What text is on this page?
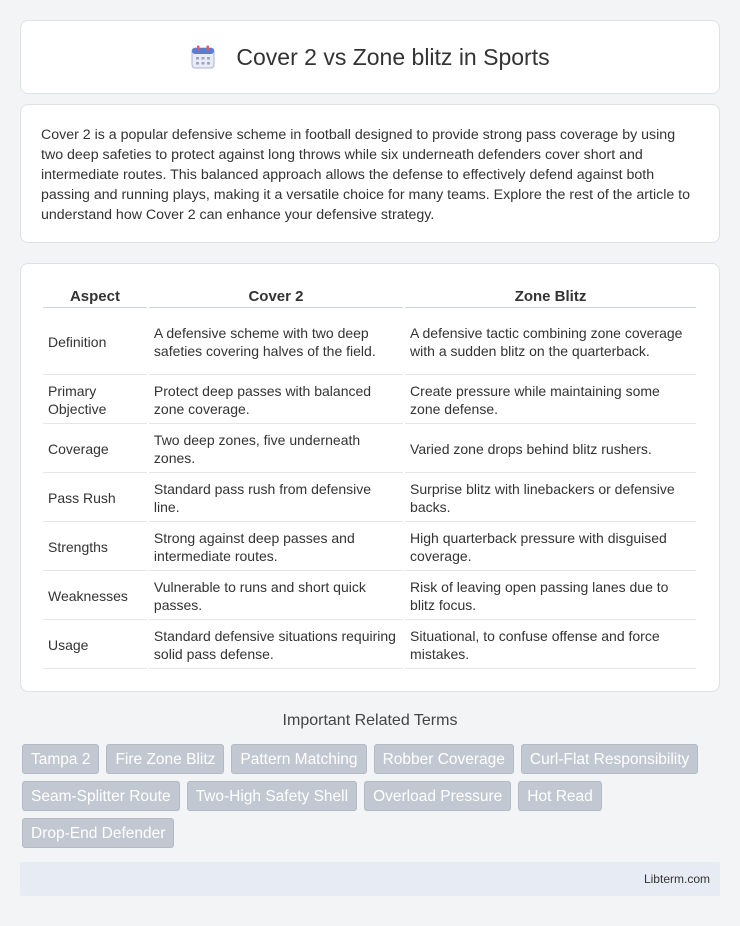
Cover 2 vs Zone blitz in Sports

Cover 2 is a popular defensive scheme in football designed to provide strong pass coverage by using two deep safeties to protect against long throws while six underneath defenders cover short and intermediate routes. This balanced approach allows the defense to effectively defend against both passing and running plays, making it a versatile choice for many teams. Explore the rest of the article to understand how Cover 2 can enhance your defensive strategy.

Aspect	Cover 2	Zone Blitz
Definition	A defensive scheme with two deep safeties covering halves of the field.	A defensive tactic combining zone coverage with a sudden blitz on the quarterback.
Primary Objective	Protect deep passes with balanced zone coverage.	Create pressure while maintaining some zone defense.
Coverage	Two deep zones, five underneath zones.	Varied zone drops behind blitz rushers.
Pass Rush	Standard pass rush from defensive line.	Surprise blitz with linebackers or defensive backs.
Strengths	Strong against deep passes and intermediate routes.	High quarterback pressure with disguised coverage.
Weaknesses	Vulnerable to runs and short quick passes.	Risk of leaving open passing lanes due to blitz focus.
Usage	Standard defensive situations requiring solid pass defense.	Situational, to confuse offense and force mistakes.
Important Related Terms
Tampa 2	Fire Zone Blitz	Pattern Matching	Robber Coverage	Curl-Flat Responsibility
Seam-Splitter Route	Two-High Safety Shell	Overload Pressure	Hot Read
Drop-End Defender
Libterm.com
